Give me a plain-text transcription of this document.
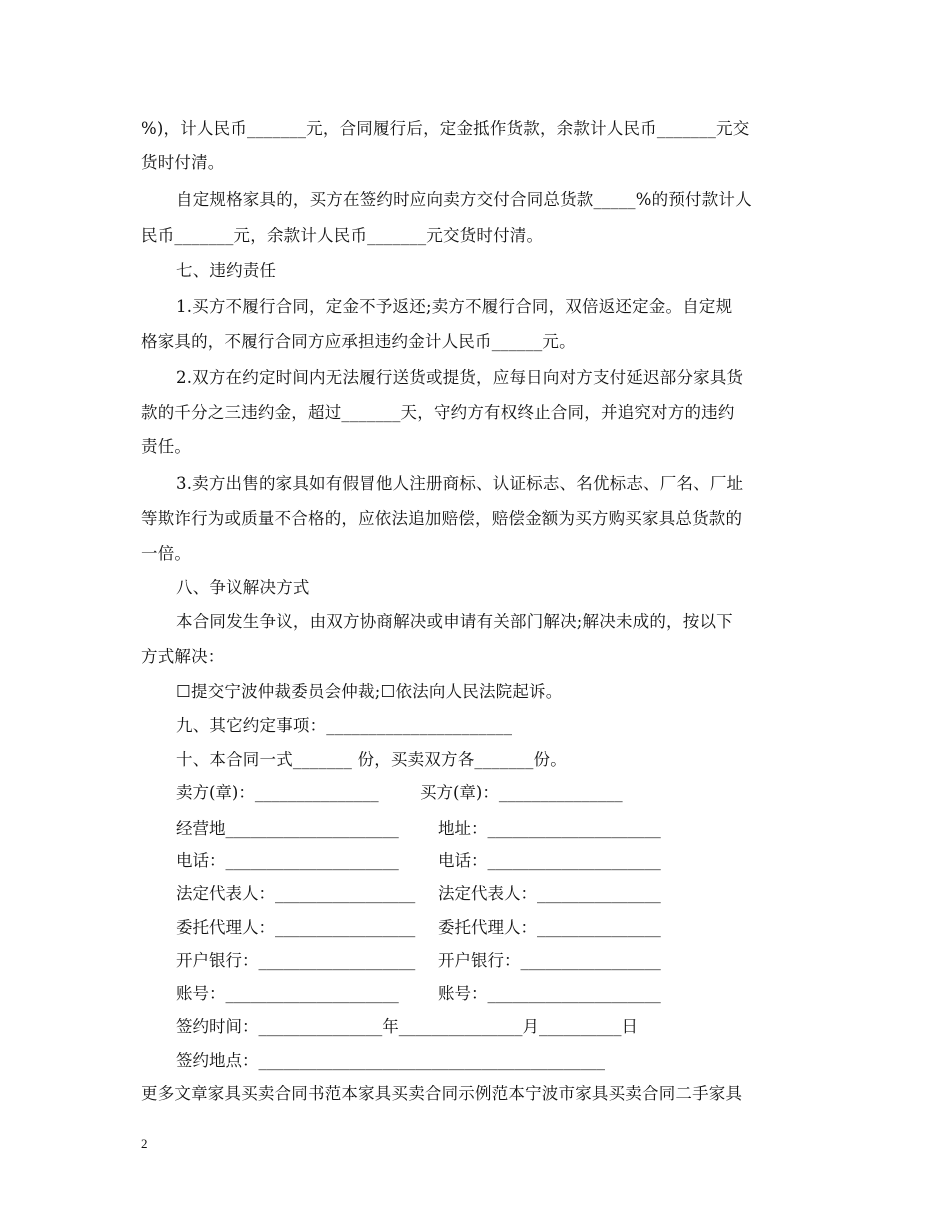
%)，计人民币_______元，合同履行后，定金抵作货款，余款计人民币_______元交
货时付清。
自定规格家具的，买方在签约时应向卖方交付合同总货款_____%的预付款计人
民币_______元，余款计人民币_______元交货时付清。
七、违约责任
1.买方不履行合同，定金不予返还;卖方不履行合同，双倍返还定金。自定规
格家具的，不履行合同方应承担违约金计人民币______元。
2.双方在约定时间内无法履行送货或提货，应每日向对方支付延迟部分家具货
款的千分之三违约金，超过_______天，守约方有权终止合同，并追究对方的违约
责任。
3.卖方出售的家具如有假冒他人注册商标、认证标志、名优标志、厂名、厂址
等欺诈行为或质量不合格的，应依法追加赔偿，赔偿金额为买方购买家具总货款的
一倍。
八、争议解决方式
本合同发生争议，由双方协商解决或申请有关部门解决;解决未成的，按以下
方式解决：
☐提交宁波仲裁委员会仲裁;☐依法向人民法院起诉。
九、其它约定事项：______________________
十、本合同一式_______ 份，买卖双方各_______份。
卖方(章)：_______________	买方(章)：_______________
经营地_____________________ 地址：_____________________
电话：_____________________ 电话：_____________________
法定代表人：_________________ 法定代表人：_______________
委托代理人：_________________ 委托代理人：_______________
开户银行：___________________ 开户银行：_________________
账号：_____________________ 账号：_____________________
签约时间：_______________年_______________月__________日
签约地点：__________________________________________
更多文章家具买卖合同书范本家具买卖合同示例范本宁波市家具买卖合同二手家具
2
